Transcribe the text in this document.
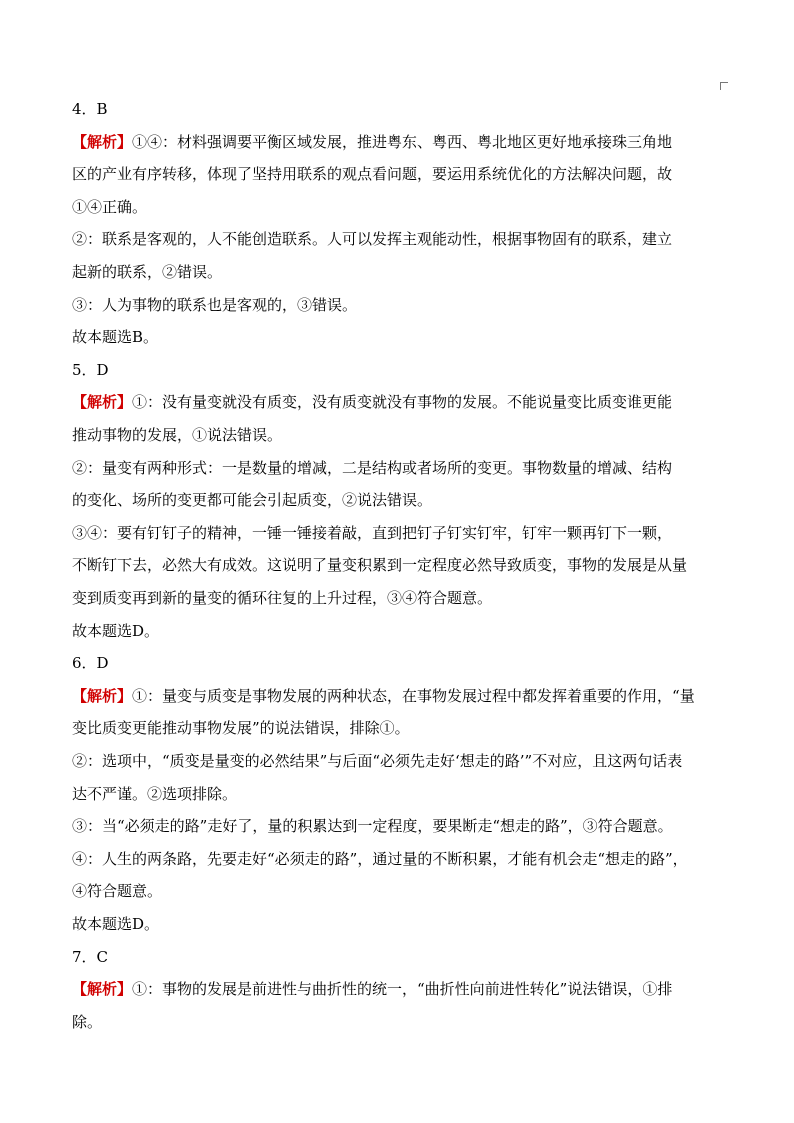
4．B
【解析】①④：材料强调要平衡区域发展，推进粤东、粤西、粤北地区更好地承接珠三角地
区的产业有序转移，体现了坚持用联系的观点看问题，要运用系统优化的方法解决问题，故
①④正确。
②：联系是客观的，人不能创造联系。人可以发挥主观能动性，根据事物固有的联系，建立
起新的联系，②错误。
③：人为事物的联系也是客观的，③错误。
故本题选B。
5．D
【解析】①：没有量变就没有质变，没有质变就没有事物的发展。不能说量变比质变谁更能
推动事物的发展，①说法错误。
②：量变有两种形式：一是数量的增减，二是结构或者场所的变更。事物数量的增减、结构
的变化、场所的变更都可能会引起质变，②说法错误。
③④：要有钉钉子的精神，一锤一锤接着敲，直到把钉子钉实钉牢，钉牢一颗再钉下一颗，
不断钉下去，必然大有成效。这说明了量变积累到一定程度必然导致质变，事物的发展是从量
变到质变再到新的量变的循环往复的上升过程，③④符合题意。
故本题选D。
6．D
【解析】①：量变与质变是事物发展的两种状态，在事物发展过程中都发挥着重要的作用，“量
变比质变更能推动事物发展”的说法错误，排除①。
②：选项中，“质变是量变的必然结果”与后面“必须先走好‘想走的路’”不对应，且这两句话表
达不严谨。②选项排除。
③：当“必须走的路”走好了，量的积累达到一定程度，要果断走“想走的路”，③符合题意。
④：人生的两条路，先要走好“必须走的路”，通过量的不断积累，才能有机会走“想走的路”，
④符合题意。
故本题选D。
7．C
【解析】①：事物的发展是前进性与曲折性的统一，“曲折性向前进性转化”说法错误，①排
除。
